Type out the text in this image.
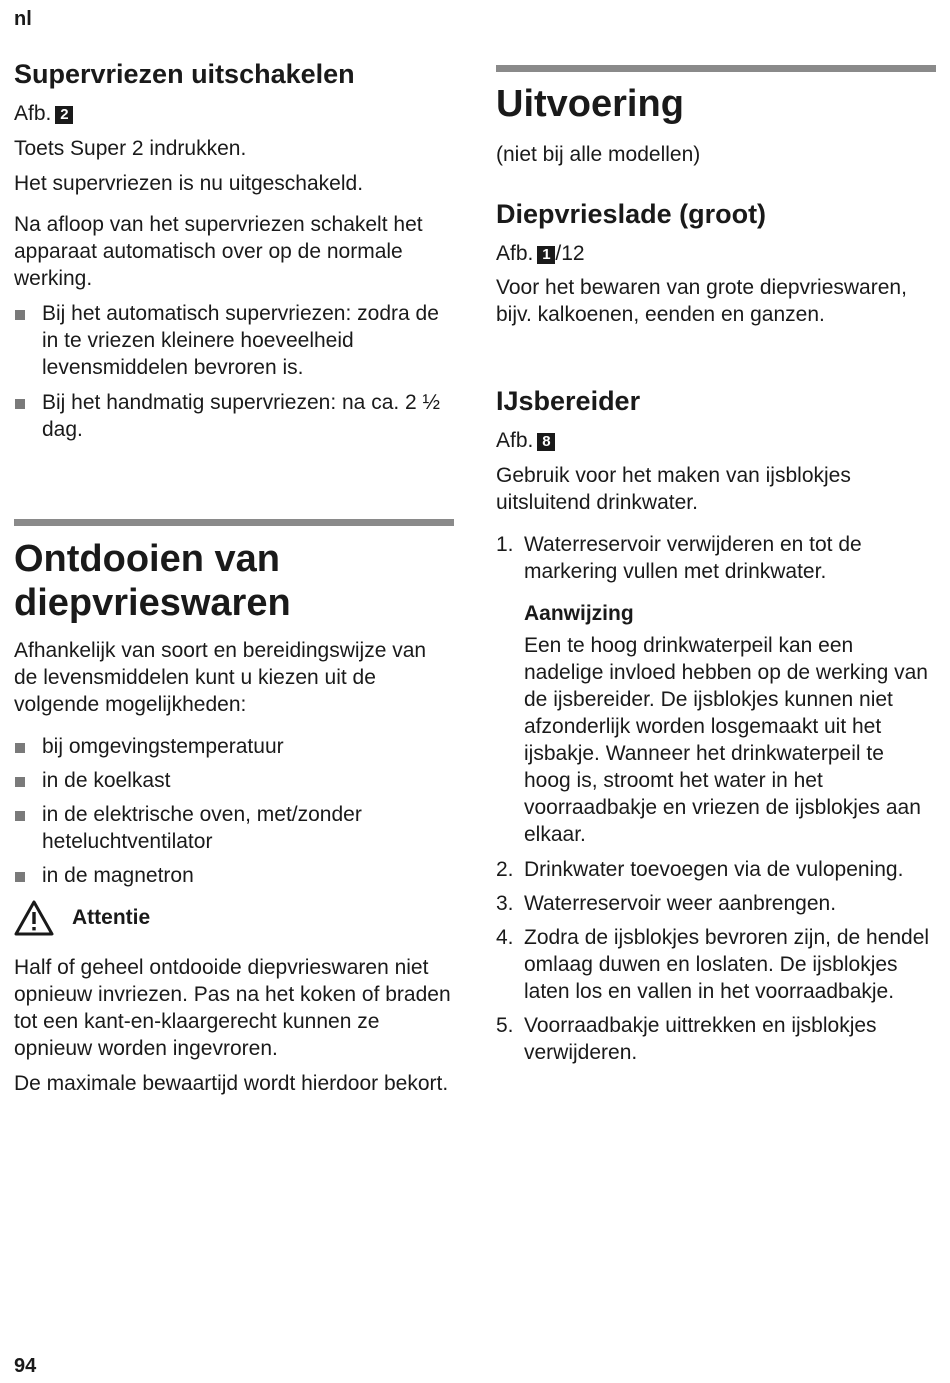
nl
Supervriezen uitschakelen

Afb. 2

Toets Super 2 indrukken.

Het supervriezen is nu uitgeschakeld.

Na afloop van het supervriezen schakelt het apparaat automatisch over op de normale werking.

Bij het automatisch supervriezen: zodra de in te vriezen kleinere hoeveelheid levensmiddelen bevroren is.
Bij het handmatig supervriezen: na ca. 2 ½ dag.
Ontdooien van
diepvrieswaren

Afhankelijk van soort en bereidingswijze van de levensmiddelen kunt u kiezen uit de volgende mogelijkheden:

bij omgevingstemperatuur
in de koelkast
in de elektrische oven, met/zonder heteluchtventilator
in de magnetron
Attentie

Half of geheel ontdooide diepvrieswaren niet opnieuw invriezen. Pas na het koken of braden tot een kant-en-klaargerecht kunnen ze opnieuw worden ingevroren.

De maximale bewaartijd wordt hierdoor bekort.

Uitvoering

(niet bij alle modellen)

Diepvrieslade (groot)

Afb. 1 /12

Voor het bewaren van grote diepvrieswaren, bijv. kalkoenen, eenden en ganzen.

IJsbereider

Afb. 8

Gebruik voor het maken van ijsblokjes uitsluitend drinkwater.

1. Waterreservoir verwijderen en tot de markering vullen met drinkwater.
Aanwijzing

Een te hoog drinkwaterpeil kan een nadelige invloed hebben op de werking van de ijsbereider. De ijsblokjes kunnen niet afzonderlijk worden losgemaakt uit het ijsbakje. Wanneer het drinkwaterpeil te hoog is, stroomt het water in het voorraadbakje en vriezen de ijsblokjes aan elkaar.

2. Drinkwater toevoegen via de vulopening.
3. Waterreservoir weer aanbrengen.
4. Zodra de ijsblokjes bevroren zijn, de hendel omlaag duwen en loslaten. De ijsblokjes laten los en vallen in het voorraadbakje.
5. Voorraadbakje uittrekken en ijsblokjes verwijderen.
94
